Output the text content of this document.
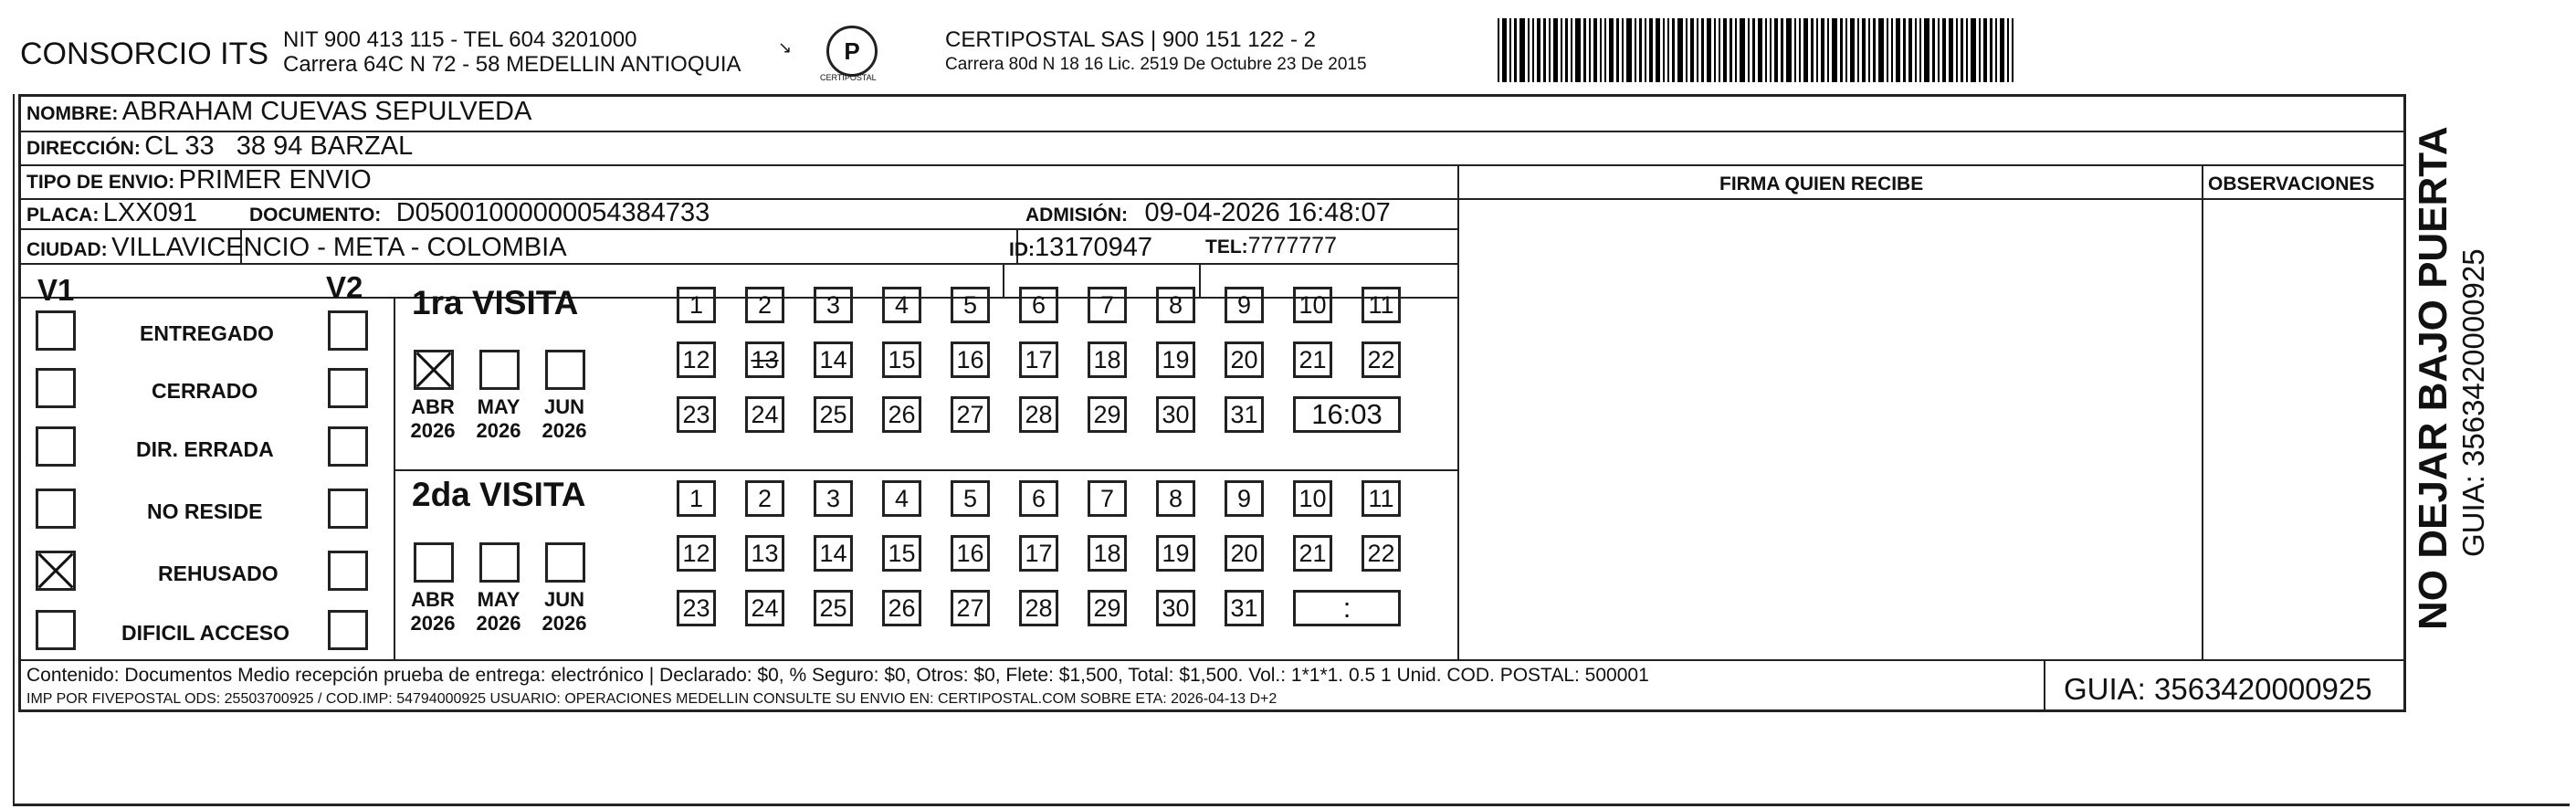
CONSORCIO ITS NIT 900 413 115 - TEL 604 3201000
Carrera 64C N 72 - 58 MEDELLIN ANTIOQUIA
↘	P
CERTIPOSTAL
CERTIPOSTAL SAS | 900 151 122 - 2
Carrera 80d N 18 16 Lic. 2519 De Octubre 23 De 2015
NOMBRE: ABRAHAM CUEVAS SEPULVEDA
DIRECCIÓN: CL 33   38 94 BARZAL
TIPO DE ENVIO: PRIMER ENVIO
PLACA: LXX091	DOCUMENTO: D05001000000054384733	ADMISIÓN: 09-04-2026 16:48:07
CIUDAD: VILLAVICENCIO - META - COLOMBIA	ID:13170947	TEL:7777777
FIRMA QUIEN RECIBE	OBSERVACIONES
V1	V2
ENTREGADO
CERRADO
DIR. ERRADA
NO RESIDE
REHUSADO
DIFICIL ACCESO
1ra VISITA
ABR
2026
MAY
2026
JUN
2026
1	2	3	4	5	6	7	8	9	10 11
12 13 14 15 16 17 18 19 20 21 22
23 24 25 26 27 28 29 30 31	16:03
2da VISITA
ABR
2026
MAY
2026
JUN
2026
1	2	3	4	5	6	7	8	9	10 11
12 13 14 15 16 17 18 19 20 21 22
23 24 25 26 27 28 29 30 31	:
Contenido: Documentos Medio recepción prueba de entrega: electrónico | Declarado: $0, % Seguro: $0, Otros: $0, Flete: $1,500, Total: $1,500. Vol.: 1*1*1. 0.5 1 Unid. COD. POSTAL: 500001
IMP POR FIVEPOSTAL ODS: 25503700925 / COD.IMP: 54794000925 USUARIO: OPERACIONES MEDELLIN CONSULTE SU ENVIO EN: CERTIPOSTAL.COM SOBRE ETA: 2026-04-13 D+2	GUIA: 3563420000925
NO DEJAR BAJO PUERTA GUIA: 3563420000925
